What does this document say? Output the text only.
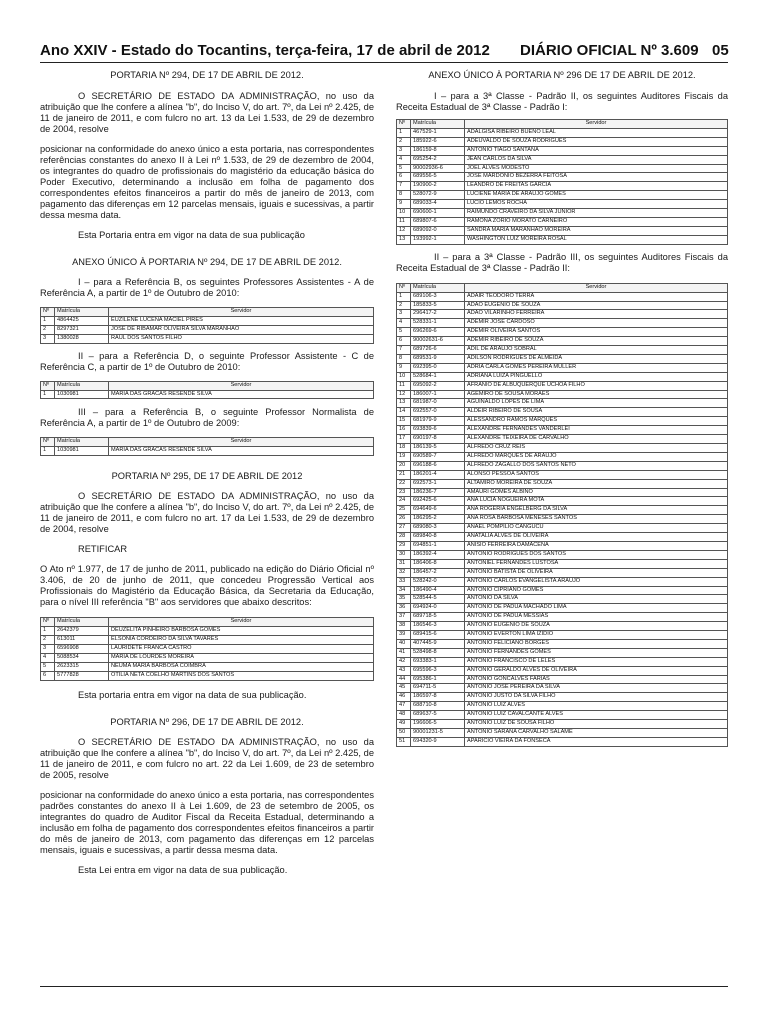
Ano XXIV - Estado do Tocantins, terça-feira, 17 de abril de 2012 DIÁRIO OFICIAL Nº 3.609 05

PORTARIA Nº 294, DE 17 DE ABRIL DE 2012.

O SECRETÁRIO DE ESTADO DA ADMINISTRAÇÃO, no uso da atribuição que lhe confere a alínea "b", do Inciso V, do art. 7º, da Lei nº 2.425, de 11 de janeiro de 2011, e com fulcro no art. 13 da Lei 1.533, de 29 de dezembro de 2004, resolve

posicionar na conformidade do anexo único a esta portaria, nas correspondentes referências constantes do anexo II à Lei nº 1.533, de 29 de dezembro de 2004, os integrantes do quadro de profissionais do magistério da educação básica do Poder Executivo, determinando a inclusão em folha de pagamento dos correspondentes efeitos financeiros a partir do mês de janeiro de 2013, com pagamento das diferenças em 12 parcelas mensais, iguais e sucessivas, a partir dessa mesma data.

Esta Portaria entra em vigor na data de sua publicação

ANEXO ÚNICO À PORTARIA Nº 294, DE 17 DE ABRIL DE 2012.

I – para a Referência B, os seguintes Professores Assistentes - A de Referência A, a partir de 1º de Outubro de 2010:

Nº	Matrícula	Servidor
1	4864425	EUZILENE LUCENA MACIEL PIRES
2	8297321	JOSE DE RIBAMAR OLIVEIRA SILVA MARANHAO
3	1380028	RAUL DOS SANTOS FILHO

II – para a Referência D, o seguinte Professor Assistente - C de Referência C, a partir de 1º de Outubro de 2010:

Nº	Matrícula	Servidor
1	1030981	MARIA DAS GRACAS RESENDE SILVA

III – para a Referência B, o seguinte Professor Normalista de Referência A, a partir de 1º de Outubro de 2009:

Nº	Matrícula	Servidor
1	1030981	MARIA DAS GRACAS RESENDE SILVA

PORTARIA Nº 295, DE 17 DE ABRIL DE 2012

O SECRETÁRIO DE ESTADO DA ADMINISTRAÇÃO, no uso da atribuição que lhe confere a alínea "b", do Inciso V, do art. 7º, da Lei nº 2.425, de 11 de janeiro de 2011, e com fulcro no art. 17 da Lei 1.533, de 29 de dezembro de 2004, resolve

RETIFICAR

O Ato nº 1.977, de 17 de junho de 2011, publicado na edição do Diário Oficial nº 3.406, de 20 de junho de 2011, que concedeu Progressão Vertical aos Profissionais do Magistério da Educação Básica, da Secretaria da Educação, para o nível III referência "B" aos servidores que abaixo descritos:

Nº	Matrícula	Servidor
1	2642379	DEUZELITA PINHEIRO BARBOSA GOMES
2	613011	ELSONIA CORDEIRO DA SILVA TAVARES
3	6596908	LAURIDETE FRANCA CASTRO
4	5088534	MARIA DE LOURDES MOREIRA
5	2623315	NEUMA MARIA BARBOSA COIMBRA
6	5777828	OTILIA NETA COELHO MARTINS DOS SANTOS

Esta portaria entra em vigor na data de sua publicação.

PORTARIA Nº 296, DE 17 DE ABRIL DE 2012.

O SECRETÁRIO DE ESTADO DA ADMINISTRAÇÃO, no uso da atribuição que lhe confere a alínea "b", do Inciso V, do art. 7º, da Lei nº 2.425, de 11 de janeiro de 2011, e com fulcro no art. 22 da Lei 1.609, de 23 de setembro de 2005, resolve

posicionar na conformidade do anexo único a esta portaria, nas correspondentes padrões constantes do anexo II à Lei 1.609, de 23 de setembro de 2005, os integrantes do quadro de Auditor Fiscal da Receita Estadual, determinando a inclusão em folha de pagamento dos correspondentes efeitos financeiros a partir do mês de janeiro de 2013, com pagamento das diferenças em 12 parcelas mensais, iguais e sucessivas, a partir dessa mesma data.

Esta Lei entra em vigor na data de sua publicação.

ANEXO ÚNICO À PORTARIA Nº 296 DE 17 DE ABRIL DE 2012.

I – para a 3ª Classe - Padrão II, os seguintes Auditores Fiscais da Receita Estadual de 3ª Classe - Padrão I:

Nº	Matrícula	Servidor
1	467529-1	ADALGISA RIBEIRO BUENO LEAL
2	185922-6	ADEUVALDO DE SOUZA RODRIGUES
3	186159-8	ANTONIO TIAGO SANTANA
4	695254-2	JEAN CARLOS DA SILVA
5	90002936-6	JOEL ALVES MODESTO
6	689556-5	JOSE MARDONIO BEZERRA FEITOSA
7	190900-2	LEANDRO DE FREITAS GARCIA
8	528072-9	LUCIENE MARIA DE ARAUJO GOMES
9	689033-4	LUCIO LEMOS ROCHA
10	690600-1	RAIMUNDO CRAVEIRO DA SILVA JUNIOR
11	689807-6	RAMONA ZORIO MORATO CARNEIRO
12	689092-0	SANDRA MARIA MARANHAO MOREIRA
13	193992-1	WASHINGTON LUIZ MOREIRA ROSAL

II – para a 3ª Classe - Padrão III, os seguintes Auditores Fiscais da Receita Estadual de 3ª Classe - Padrão II:

Nº	Matrícula	Servidor
1	689106-3	ADAIR TEODORO TERRA
2	185833-5	ADAO EUGENIO DE SOUZA
3	296417-2	ADAO VILARINHO FERREIRA
4	528331-1	ADEMIR JOSE CARDOSO
5	696269-6	ADEMIR OLIVEIRA SANTOS
6	90002631-6	ADEMIR RIBEIRO DE SOUZA
7	689726-6	ADIL DE ARAUJO SOBRAL
8	689531-9	ADILSON RODRIGUES DE ALMEIDA
9	692395-0	ADRIA CARLA GOMES PEREIRA MULLER
10	528684-1	ADRIANA LUIZA PINGUELLO
11	695092-2	AFRANIO DE ALBUQUERQUE UCHOA FILHO
12	186007-1	AGEMIRO DE SOUSA MORAES
13	681987-0	AGUINALDO LOPES DE LIMA
14	692557-0	ALDEIR RIBEIRO DE SOUSA
15	681979-9	ALESSANDRO RAMOS MARQUES
16	693839-6	ALEXANDRE FERNANDES VANDERLEI
17	690197-8	ALEXANDRE TEIXEIRA DE CARVALHO
18	186139-5	ALFREDO CRUZ REIS
19	690589-7	ALFREDO MARQUES DE ARAUJO
20	696188-6	ALFREDO ZAGALLO DOS SANTOS NETO
21	186201-4	ALONSO PESSOA SANTOS
22	692573-1	ALTAMIRO MOREIRA DE SOUZA
23	186236-7	AMAURI GOMES ALBINO
24	692425-6	ANA LUCIA NOGUEIRA MOTA
25	694649-6	ANA ROGERIA ENGELBERG DA SILVA
26	186295-2	ANA ROSA BARBOSA MENESES SANTOS
27	689080-3	ANAEL POMPILIO CANGUCU
28	689840-8	ANATALIA ALVES DE OLIVEIRA
29	694851-1	ANISIO FERREIRA DAMACENA
30	186392-4	ANTONIO RODRIGUES DOS SANTOS
31	186406-8	ANTONIEL FERNANDES LUSTOSA
32	186457-2	ANTONIO BATISTA DE OLIVEIRA
33	528242-0	ANTONIO CARLOS EVANGELISTA ARAUJO
34	186490-4	ANTONIO CIPRIANO GOMES
35	528544-5	ANTONIO DA SILVA
36	694924-0	ANTONIO DE PADUA MACHADO LIMA
37	689718-5	ANTONIO DE PADUA MESSIAS
38	186546-3	ANTONIO EUGENIO DE SOUZA
39	689415-6	ANTONIO EVERTON LIMA IZIDIO
40	407445-9	ANTONIO FELICIANO BORGES
41	528498-8	ANTONIO FERNANDES GOMES
42	693383-1	ANTONIO FRANCISCO DE LELES
43	695596-3	ANTONIO GERALDO ALVES DE OLIVEIRA
44	695386-1	ANTONIO GONCALVES FARIAS
45	694711-5	ANTONIO JOSE PEREIRA DA SILVA
46	186597-8	ANTONIO JUSTO DA SILVA FILHO
47	688710-8	ANTONIO LUIZ ALVES
48	689637-5	ANTONIO LUIZ CAVALCANTE ALVES
49	196606-5	ANTONIO LUIZ DE SOUSA FILHO
50	90001231-5	ANTONIO SARANA CARVALHO SALAME
51	694320-9	APARICIO VIEIRA DA FONSECA
